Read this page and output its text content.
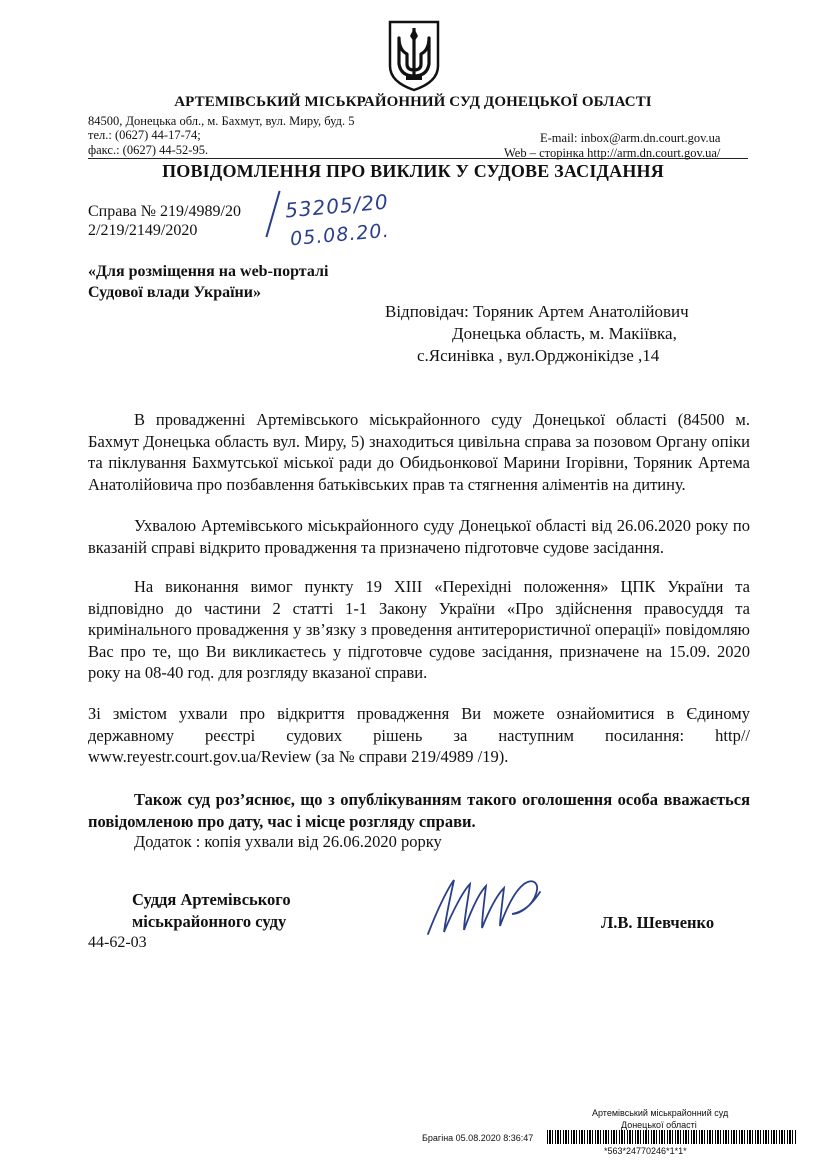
АРТЕМІВСЬКИЙ МІСЬКРАЙОННИЙ СУД ДОНЕЦЬКОЇ ОБЛАСТІ
84500, Донецька обл., м. Бахмут, вул. Миру, буд. 5
тел.: (0627) 44-17-74;
факс.: (0627) 44-52-95.
E-mail: inbox@arm.dn.court.gov.ua
Web – сторінка http://arm.dn.court.gov.ua/
ПОВІДОМЛЕННЯ ПРО ВИКЛИК У СУДОВЕ ЗАСІДАННЯ
Справа № 219/4989/20
2/219/2149/2020
53205/20
05.08.20.
«Для розміщення на web-порталі
Судової влади України»
Відповідач: Торяник Артем Анатолійович
Донецька область, м. Макіївка,
с.Ясинівка , вул.Орджонікідзе ,14

В провадженні Артемівського міськрайонного суду Донецької області (84500 м. Бахмут Донецька область вул. Миру, 5) знаходиться цивільна справа за позовом Органу опіки та піклування Бахмутської міської ради до Обидьонкової Марини Ігорівни, Торяник Артема Анатолійовича про позбавлення батьківських прав та стягнення аліментів на дитину.

Ухвалою Артемівського міськрайонного суду Донецької області від 26.06.2020 року по вказаній справі відкрито провадження та призначено підготовче судове засідання.

На виконання вимог пункту 19 XIII «Перехідні положення» ЦПК України та відповідно до частини 2 статті 1-1 Закону України «Про здійснення правосуддя та кримінального провадження у зв’язку з проведення антитерористичної операції» повідомляю Вас про те, що Ви викликаєтесь у підготовче судове засідання, призначене на 15.09. 2020 року на 08-40 год. для розгляду вказаної справи.

Зі змістом ухвали про відкриття провадження Ви можете ознайомитися в Єдиному державному реєстрі судових рішень за наступним посилання: http// www.reyestr.court.gov.ua/Review (за № справи 219/4989 /19).

Також суд роз’яснює, що з опублікуванням такого оголошення особа вважається повідомленою про дату, час і місце розгляду справи.

Додаток : копія ухвали від 26.06.2020 рорку

Суддя Артемівського
міськрайонного суду
44-62-03
Л.В. Шевченко
Артемівський міськрайонний суд
Донецької області
Брагіна 05.08.2020 8:36:47
*563*24770246*1*1*
